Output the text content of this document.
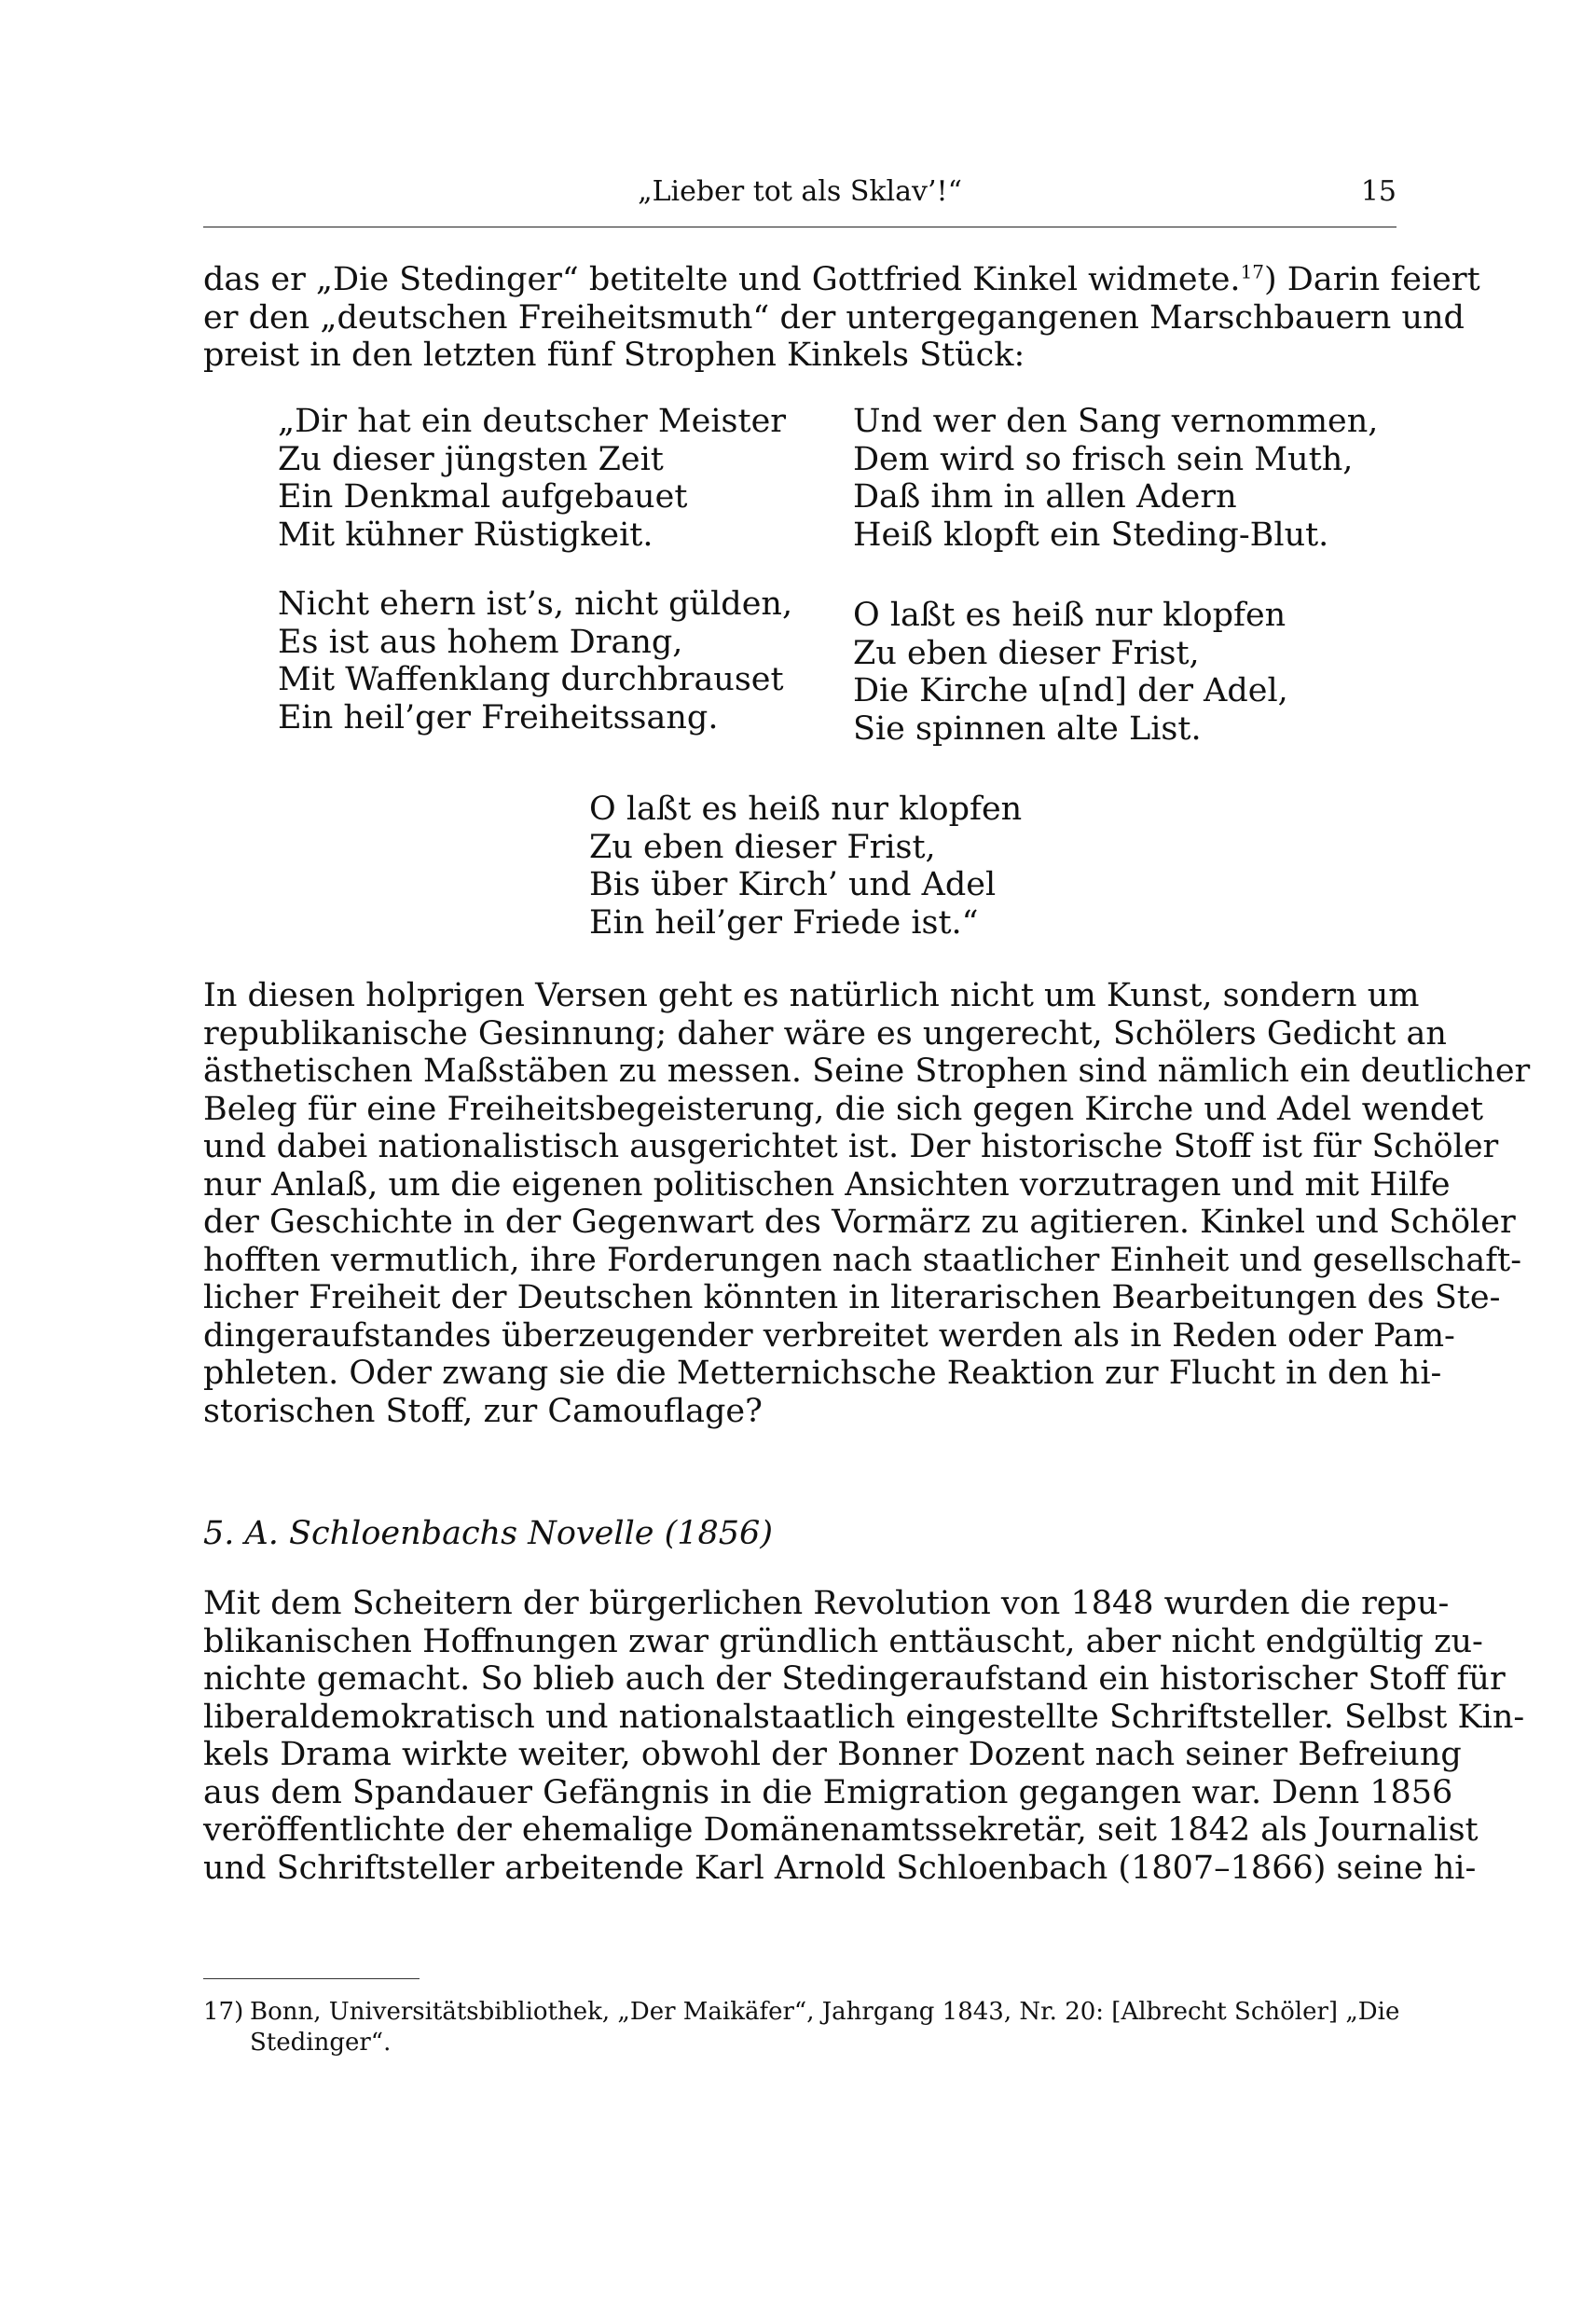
„Lieber tot als Sklav’!“	15
das er „Die Stedinger“ betitelte und Gottfried Kinkel widmete.$^{17}$) Darin feiert
er den „deutschen Freiheitsmuth“ der untergegangenen Marschbauern und
preist in den letzten fünf Strophen Kinkels Stück:
„Dir hat ein deutscher Meister
Zu dieser jüngsten Zeit
Ein Denkmal aufgebauet
Mit kühner Rüstigkeit.
Nicht ehern ist’s, nicht gülden,
Es ist aus hohem Drang,
Mit Waffenklang durchbrauset
Ein heil’ger Freiheitssang.
Und wer den Sang vernommen,
Dem wird so frisch sein Muth,
Daß ihm in allen Adern
Heiß klopft ein Steding-Blut.
O laßt es heiß nur klopfen
Zu eben dieser Frist,
Die Kirche u[nd] der Adel,
Sie spinnen alte List.
O laßt es heiß nur klopfen
Zu eben dieser Frist,
Bis über Kirch’ und Adel
Ein heil’ger Friede ist.“
In diesen holprigen Versen geht es natürlich nicht um Kunst, sondern um
republikanische Gesinnung; daher wäre es ungerecht, Schölers Gedicht an
ästhetischen Maßstäben zu messen. Seine Strophen sind nämlich ein deutlicher
Beleg für eine Freiheitsbegeisterung, die sich gegen Kirche und Adel wendet
und dabei nationalistisch ausgerichtet ist. Der historische Stoff ist für Schöler
nur Anlaß, um die eigenen politischen Ansichten vorzutragen und mit Hilfe
der Geschichte in der Gegenwart des Vormärz zu agitieren. Kinkel und Schöler
hofften vermutlich, ihre Forderungen nach staatlicher Einheit und gesellschaft-
licher Freiheit der Deutschen könnten in literarischen Bearbeitungen des Ste-
dingeraufstandes überzeugender verbreitet werden als in Reden oder Pam-
phleten. Oder zwang sie die Metternichsche Reaktion zur Flucht in den hi-
storischen Stoff, zur Camouflage?
5. A. Schloenbachs Novelle (1856)
Mit dem Scheitern der bürgerlichen Revolution von 1848 wurden die repu-
blikanischen Hoffnungen zwar gründlich enttäuscht, aber nicht endgültig zu-
nichte gemacht. So blieb auch der Stedingeraufstand ein historischer Stoff für
liberaldemokratisch und nationalstaatlich eingestellte Schriftsteller. Selbst Kin-
kels Drama wirkte weiter, obwohl der Bonner Dozent nach seiner Befreiung
aus dem Spandauer Gefängnis in die Emigration gegangen war. Denn 1856
veröffentlichte der ehemalige Domänenamtssekretär, seit 1842 als Journalist
und Schriftsteller arbeitende Karl Arnold Schloenbach (1807–1866) seine hi-
17) Bonn, Universitätsbibliothek, „Der Maikäfer“, Jahrgang 1843, Nr. 20: [Albrecht Schöler] „Die
Stedinger“.
